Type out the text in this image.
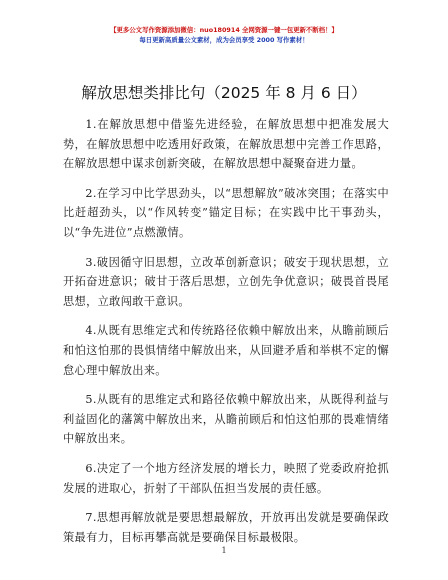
【更多公文写作资源添加微信：nuo180914 全网资源一键一包更新不断档！】
每日更新高质量公文素材，成为会员享受 2000 写作素材！
解放思想类排比句（2025 年 8 月 6 日）

1.在解放思想中借鉴先进经验，在解放思想中把准发展大势，在解放思想中吃透用好政策，在解放思想中完善工作思路，在解放思想中谋求创新突破，在解放思想中凝聚奋进力量。

2.在学习中比学思劲头，以“思想解放”破冰突围；在落实中比赶超劲头，以“作风转变”锚定目标；在实践中比干事劲头，以“争先进位”点燃激情。

3.破因循守旧思想，立改革创新意识；破安于现状思想，立开拓奋进意识；破甘于落后思想，立创先争优意识；破畏首畏尾思想，立敢闯敢干意识。

4.从既有思维定式和传统路径依赖中解放出来，从瞻前顾后和怕这怕那的畏惧情绪中解放出来，从回避矛盾和举棋不定的懈怠心理中解放出来。

5.从既有的思维定式和路径依赖中解放出来，从既得利益与利益固化的藩篱中解放出来，从瞻前顾后和怕这怕那的畏难情绪中解放出来。

6.决定了一个地方经济发展的增长力，映照了党委政府抢抓发展的进取心，折射了干部队伍担当发展的责任感。

7.思想再解放就是要思想最解放，开放再出发就是要确保政策最有力，目标再攀高就是要确保目标最极限。

1
